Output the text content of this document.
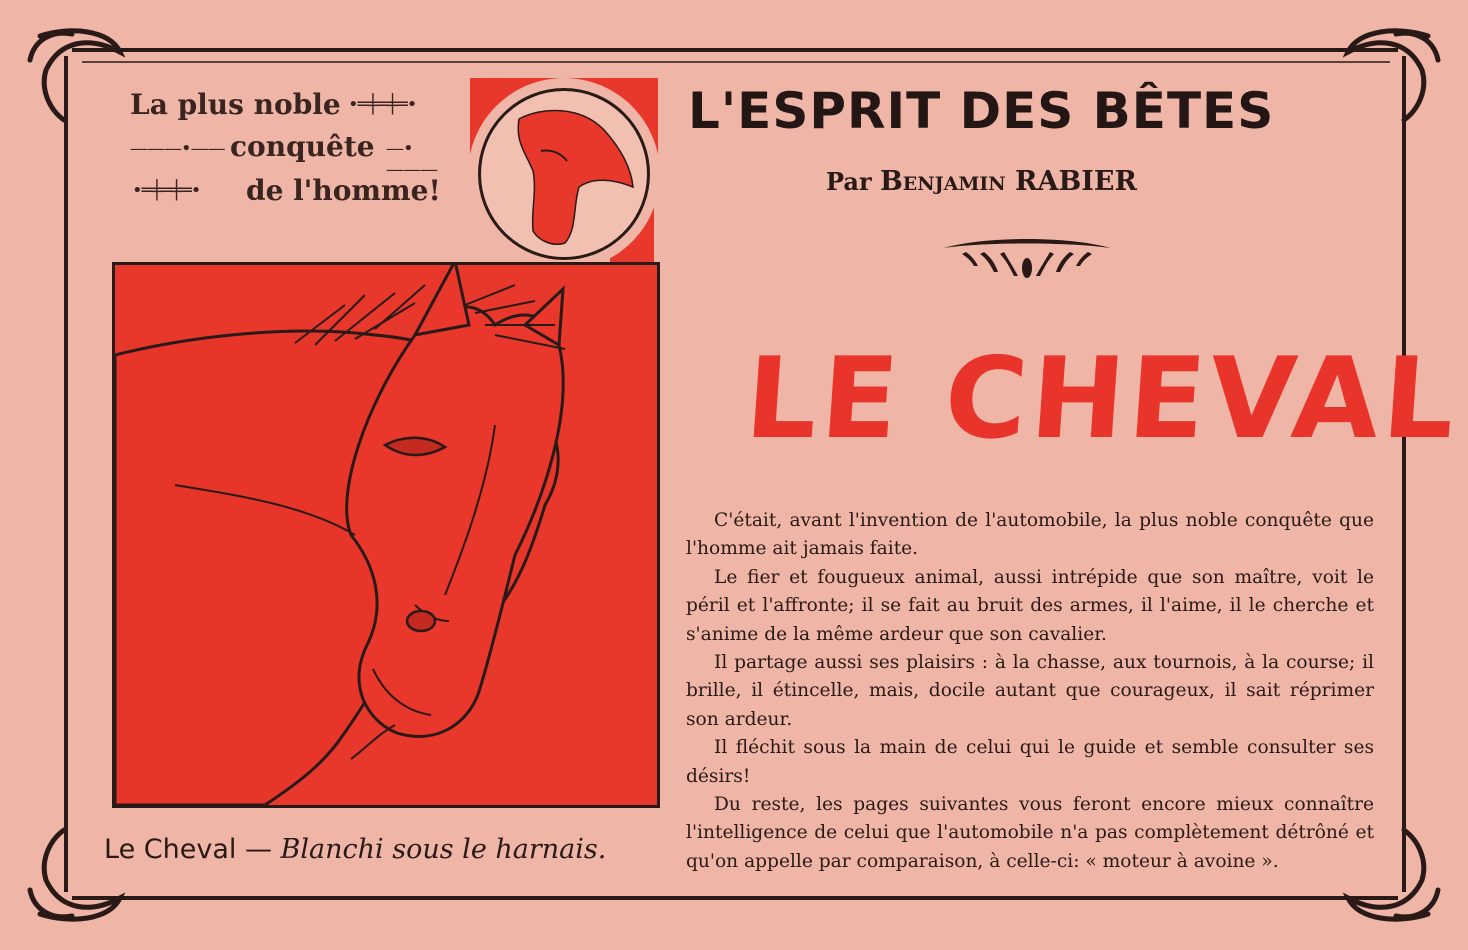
La plus noble •═╪═╪═•
———•—— conquête —•———
•═╪═╪═• de l'homme!
Le Cheval — Blanchi sous le harnais.
L'ESPRIT DES BÊTES
Par Benjamin RABIER
LE CHEVAL

C'était, avant l'invention de l'automobile, la plus noble conquête que l'homme ait jamais faite.

Le fier et fougueux animal, aussi intrépide que son maître, voit le péril et l'affronte; il se fait au bruit des armes, il l'aime, il le cherche et s'anime de la même ardeur que son cavalier.

Il partage aussi ses plaisirs : à la chasse, aux tournois, à la course; il brille, il étincelle, mais, docile autant que courageux, il sait réprimer son ardeur.

Il fléchit sous la main de celui qui le guide et semble consulter ses désirs!

Du reste, les pages suivantes vous feront encore mieux connaître l'intelligence de celui que l'automobile n'a pas complètement détrôné et qu'on appelle par comparaison, à celle-ci: « moteur à avoine ».
